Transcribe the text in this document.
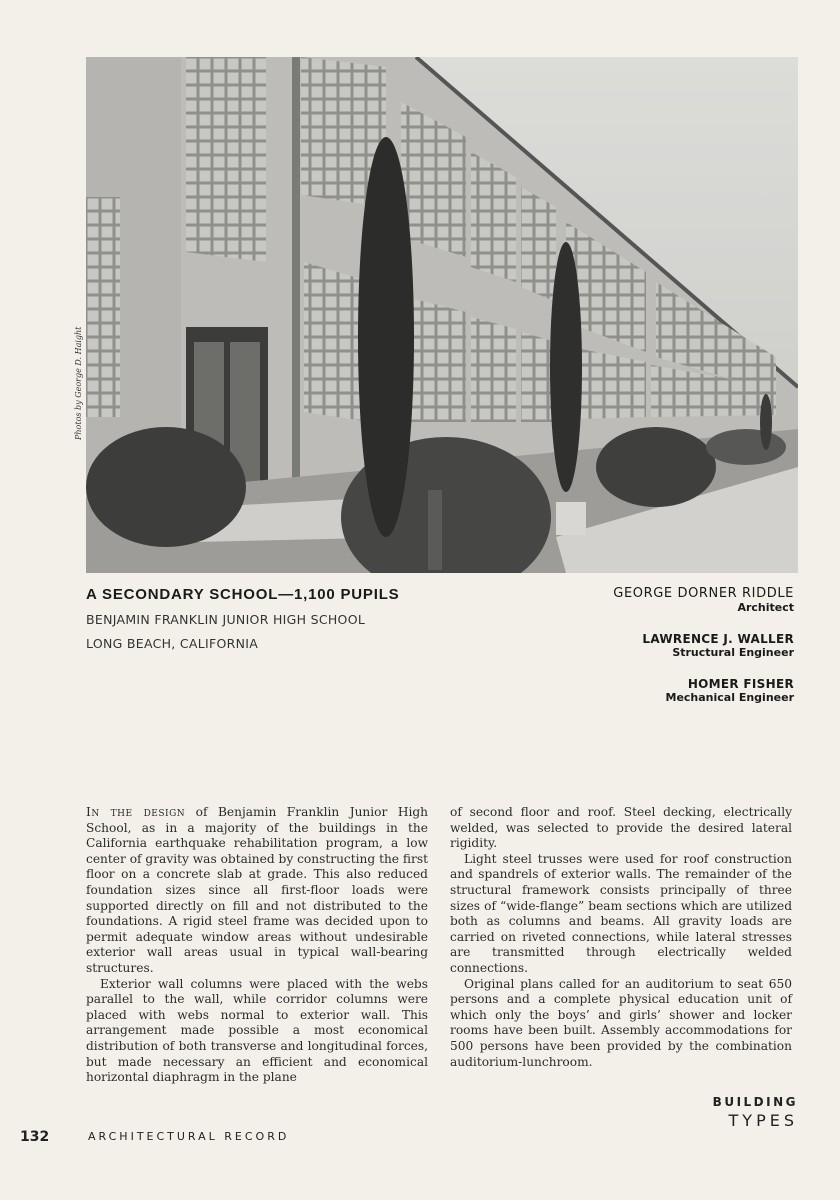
Photos by George D. Haight
A SECONDARY SCHOOL—1,100 PUPILS
BENJAMIN FRANKLIN JUNIOR HIGH SCHOOL
LONG BEACH, CALIFORNIA
GEORGE DORNER RIDDLE
Architect
LAWRENCE J. WALLER
Structural Engineer
HOMER FISHER
Mechanical Engineer

In the design of Benjamin Franklin Junior High School, as in a majority of the buildings in the California earthquake rehabilitation program, a low center of gravity was obtained by constructing the first floor on a concrete slab at grade. This also reduced foundation sizes since all first-floor loads were supported directly on fill and not distributed to the foundations. A rigid steel frame was decided upon to permit adequate window areas without undesirable exterior wall areas usual in typical wall-bearing structures.

Exterior wall columns were placed with the webs parallel to the wall, while corridor columns were placed with webs normal to exterior wall. This arrangement made possible a most economical distribution of both transverse and longitudinal forces, but made necessary an efficient and economical horizontal diaphragm in the plane

of second floor and roof. Steel decking, electrically welded, was selected to provide the desired lateral rigidity.

Light steel trusses were used for roof construction and spandrels of exterior walls. The remainder of the structural framework consists principally of three sizes of “wide-flange” beam sections which are utilized both as columns and beams. All gravity loads are carried on riveted connections, while lateral stresses are transmitted through electrically welded connections.

Original plans called for an auditorium to seat 650 persons and a complete physical education unit of which only the boys’ and girls’ shower and locker rooms have been built. Assembly accommodations for 500 persons have been provided by the combination auditorium-lunchroom.

132	ARCHITECTURAL RECORD
BUILDING
TYPES
